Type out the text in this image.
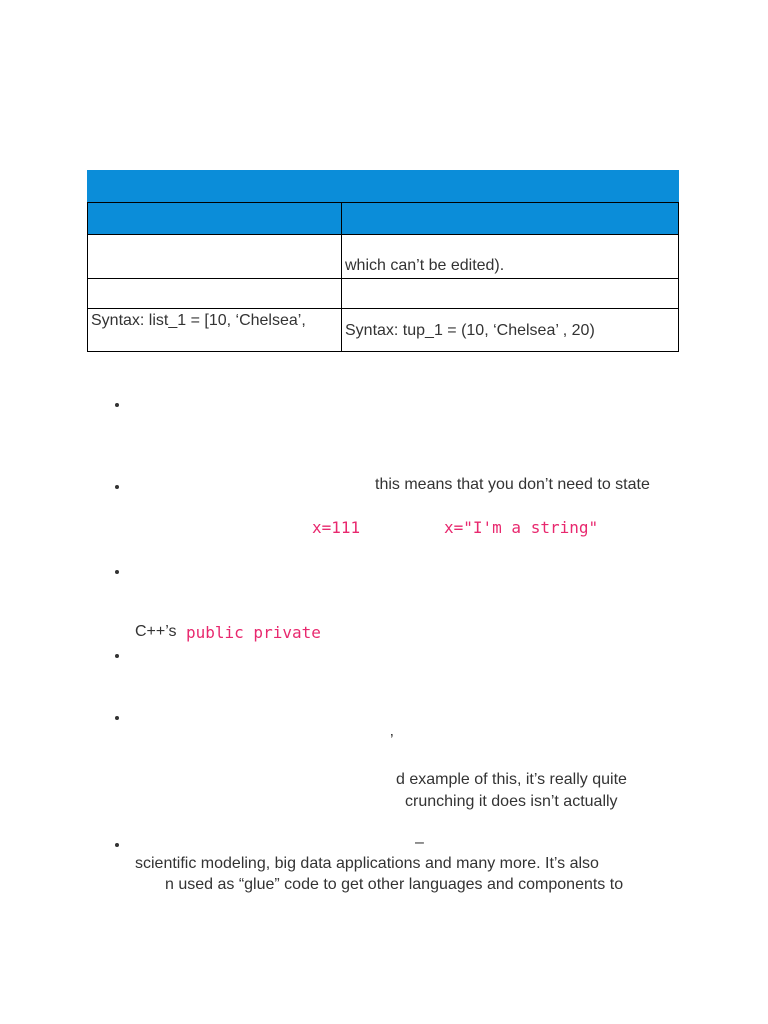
which can’t be edited).
Syntax: list_1 = [10, ‘Chelsea’,
Syntax: tup_1 = (10, ‘Chelsea’ , 20)
this means that you don’t need to state
x=111	x="I'm a string"
C++’s public private
’
d example of this, it’s really quite
crunching it does isn’t actually
–
scientific modeling, big data applications and many more. It’s also
n used as “glue” code to get other languages and components to
